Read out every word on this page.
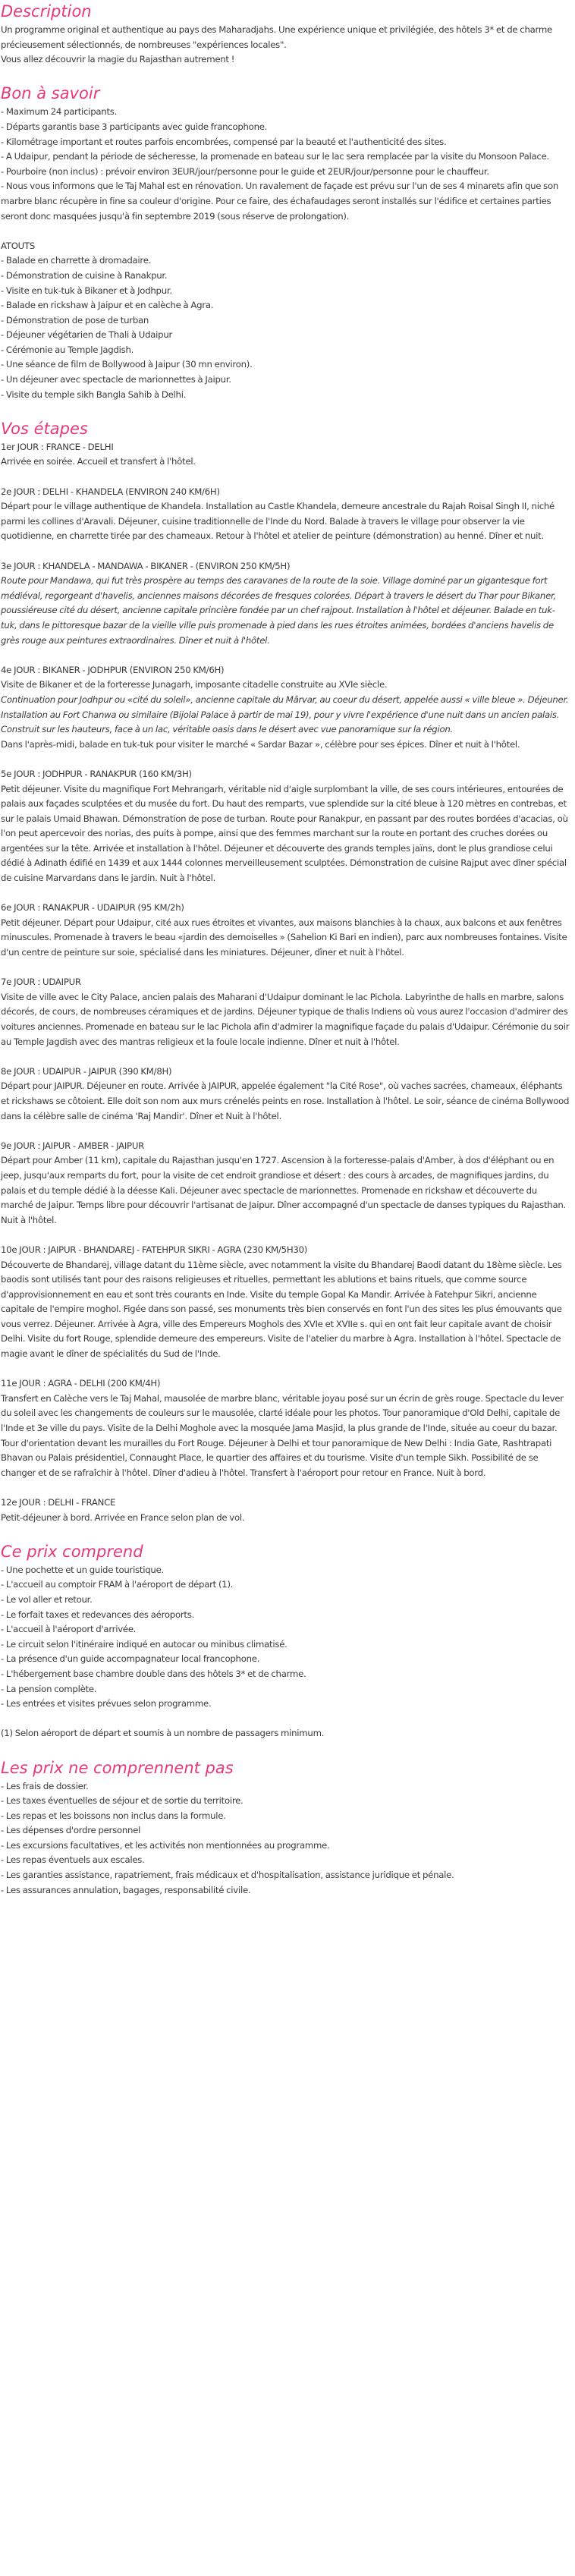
Description
Un programme original et authentique au pays des Maharadjahs. Une expérience unique et privilégiée, des hôtels 3* et de charme précieusement sélectionnés, de nombreuses "expériences locales".
Vous allez découvrir la magie du Rajasthan autrement !
Bon à savoir
- Maximum 24 participants.
- Départs garantis base 3 participants avec guide francophone.
- Kilométrage important et routes parfois encombrées, compensé par la beauté et l'authenticité des sites.
- A Udaipur, pendant la période de sécheresse, la promenade en bateau sur le lac sera remplacée par la visite du Monsoon Palace.
- Pourboire (non inclus) : prévoir environ 3EUR/jour/personne pour le guide et 2EUR/jour/personne pour le chauffeur.
- Nous vous informons que le Taj Mahal est en rénovation. Un ravalement de façade est prévu sur l'un de ses 4 minarets afin que son marbre blanc récupère in fine sa couleur d'origine. Pour ce faire, des échafaudages seront installés sur l'édifice et certaines parties seront donc masquées jusqu'à fin septembre 2019 (sous réserve de prolongation).
ATOUTS
- Balade en charrette à dromadaire.
- Démonstration de cuisine à Ranakpur.
- Visite en tuk-tuk à Bikaner et à Jodhpur.
- Balade en rickshaw à Jaipur et en calèche à Agra.
- Démonstration de pose de turban
- Déjeuner végétarien de Thali à Udaipur
- Cérémonie au Temple Jagdish.
- Une séance de film de Bollywood à Jaipur (30 mn environ).
- Un déjeuner avec spectacle de marionnettes à Jaipur.
- Visite du temple sikh Bangla Sahib à Delhi.
Vos étapes
1er JOUR : FRANCE - DELHI
Arrivée en soirée. Accueil et transfert à l'hôtel.
2e JOUR : DELHI - KHANDELA (ENVIRON 240 KM/6H)
Départ pour le village authentique de Khandela. Installation au Castle Khandela, demeure ancestrale du Rajah Roisal Singh II, niché parmi les collines d'Aravali. Déjeuner, cuisine traditionnelle de l'Inde du Nord. Balade à travers le village pour observer la vie quotidienne, en charrette tirée par des chameaux. Retour à l'hôtel et atelier de peinture (démonstration) au henné. Dîner et nuit.
3e JOUR : KHANDELA - MANDAWA - BIKANER - (ENVIRON 250 KM/5H)
Route pour Mandawa, qui fut très prospère au temps des caravanes de la route de la soie. Village dominé par un gigantesque fort médiéval, regorgeant d'havelis, anciennes maisons décorées de fresques colorées. Départ à travers le désert du Thar pour Bikaner, poussiéreuse cité du désert, ancienne capitale princière fondée par un chef rajpout. Installation à l'hôtel et déjeuner. Balade en tuk-tuk, dans le pittoresque bazar de la vieille ville puis promenade à pied dans les rues étroites animées, bordées d'anciens havelis de grès rouge aux peintures extraordinaires. Dîner et nuit à l'hôtel.
4e JOUR : BIKANER - JODHPUR (ENVIRON 250 KM/6H)
Visite de Bikaner et de la forteresse Junagarh, imposante citadelle construite au XVIe siècle.
Continuation pour Jodhpur ou «cité du soleil», ancienne capitale du Mârvar, au coeur du désert, appelée aussi « ville bleue ». Déjeuner. Installation au Fort Chanwa ou similaire (Bijolai Palace à partir de mai 19), pour y vivre l'expérience d'une nuit dans un ancien palais. Construit sur les hauteurs, face à un lac, véritable oasis dans le désert avec vue panoramique sur la région.
Dans l'après-midi, balade en tuk-tuk pour visiter le marché « Sardar Bazar », célèbre pour ses épices. Dîner et nuit à l'hôtel.
5e JOUR : JODHPUR - RANAKPUR (160 KM/3H)
Petit déjeuner. Visite du magnifique Fort Mehrangarh, véritable nid d'aigle surplombant la ville, de ses cours intérieures, entourées de palais aux façades sculptées et du musée du fort. Du haut des remparts, vue splendide sur la cité bleue à 120 mètres en contrebas, et sur le palais Umaid Bhawan. Démonstration de pose de turban. Route pour Ranakpur, en passant par des routes bordées d'acacias, où l'on peut apercevoir des norias, des puits à pompe, ainsi que des femmes marchant sur la route en portant des cruches dorées ou argentées sur la tête. Arrivée et installation à l'hôtel. Déjeuner et découverte des grands temples jaïns, dont le plus grandiose celui dédié à Adinath édifié en 1439 et aux 1444 colonnes merveilleusement sculptées. Démonstration de cuisine Rajput avec dîner spécial de cuisine Marvardans dans le jardin. Nuit à l'hôtel.
6e JOUR : RANAKPUR - UDAIPUR (95 KM/2h)
Petit déjeuner. Départ pour Udaipur, cité aux rues étroites et vivantes, aux maisons blanchies à la chaux, aux balcons et aux fenêtres minuscules. Promenade à travers le beau «jardin des demoiselles » (Sahelion Ki Bari en indien), parc aux nombreuses fontaines. Visite d'un centre de peinture sur soie, spécialisé dans les miniatures. Déjeuner, dîner et nuit à l'hôtel.
7e JOUR : UDAIPUR
Visite de ville avec le City Palace, ancien palais des Maharani d'Udaipur dominant le lac Pichola. Labyrinthe de halls en marbre, salons décorés, de cours, de nombreuses céramiques et de jardins. Déjeuner typique de thalis Indiens où vous aurez l'occasion d'admirer des voitures anciennes. Promenade en bateau sur le lac Pichola afin d'admirer la magnifique façade du palais d'Udaipur. Cérémonie du soir au Temple Jagdish avec des mantras religieux et la foule locale indienne. Dîner et nuit à l'hôtel.
8e JOUR : UDAIPUR - JAIPUR (390 KM/8H)
Départ pour JAIPUR. Déjeuner en route. Arrivée à JAIPUR, appelée également "la Cité Rose", où vaches sacrées, chameaux, éléphants et rickshaws se côtoient. Elle doit son nom aux murs crénelés peints en rose. Installation à l'hôtel. Le soir, séance de cinéma Bollywood dans la célèbre salle de cinéma 'Raj Mandir'. Dîner et Nuit à l'hôtel.
9e JOUR : JAIPUR - AMBER - JAIPUR
Départ pour Amber (11 km), capitale du Rajasthan jusqu'en 1727. Ascension à la forteresse-palais d'Amber, à dos d'éléphant ou en jeep, jusqu'aux remparts du fort, pour la visite de cet endroit grandiose et désert : des cours à arcades, de magnifiques jardins, du palais et du temple dédié à la déesse Kali. Déjeuner avec spectacle de marionnettes. Promenade en rickshaw et découverte du marché de Jaipur. Temps libre pour découvrir l'artisanat de Jaipur. Dîner accompagné d'un spectacle de danses typiques du Rajasthan. Nuit à l'hôtel.
10e JOUR : JAIPUR - BHANDAREJ - FATEHPUR SIKRI - AGRA (230 KM/5H30)
Découverte de Bhandarej, village datant du 11ème siècle, avec notamment la visite du Bhandarej Baodi datant du 18ème siècle. Les baodis sont utilisés tant pour des raisons religieuses et rituelles, permettant les ablutions et bains rituels, que comme source d'approvisionnement en eau et sont très courants en Inde. Visite du temple Gopal Ka Mandir. Arrivée à Fatehpur Sikri, ancienne capitale de l'empire moghol. Figée dans son passé, ses monuments très bien conservés en font l'un des sites les plus émouvants que vous verrez. Déjeuner. Arrivée à Agra, ville des Empereurs Moghols des XVIe et XVIIe s. qui en ont fait leur capitale avant de choisir Delhi. Visite du fort Rouge, splendide demeure des empereurs. Visite de l'atelier du marbre à Agra. Installation à l'hôtel. Spectacle de magie avant le dîner de spécialités du Sud de l'Inde.
11e JOUR : AGRA - DELHI (200 KM/4H)
Transfert en Calèche vers le Taj Mahal, mausolée de marbre blanc, véritable joyau posé sur un écrin de grès rouge. Spectacle du lever du soleil avec les changements de couleurs sur le mausolée, clarté idéale pour les photos. Tour panoramique d'Old Delhi, capitale de l'Inde et 3e ville du pays. Visite de la Delhi Moghole avec la mosquée Jama Masjid, la plus grande de l'Inde, située au coeur du bazar. Tour d'orientation devant les murailles du Fort Rouge. Déjeuner à Delhi et tour panoramique de New Delhi : India Gate, Rashtrapati Bhavan ou Palais présidentiel, Connaught Place, le quartier des affaires et du tourisme. Visite d'un temple Sikh. Possibilité de se changer et de se rafraîchir à l'hôtel. Dîner d'adieu à l'hôtel. Transfert à l'aéroport pour retour en France. Nuit à bord.
12e JOUR : DELHI - FRANCE
Petit-déjeuner à bord. Arrivée en France selon plan de vol.
Ce prix comprend
- Une pochette et un guide touristique.
- L'accueil au comptoir FRAM à l'aéroport de départ (1).
- Le vol aller et retour.
- Le forfait taxes et redevances des aéroports.
- L'accueil à l'aéroport d'arrivée.
- Le circuit selon l'itinéraire indiqué en autocar ou minibus climatisé.
- La présence d'un guide accompagnateur local francophone.
- L'hébergement base chambre double dans des hôtels 3* et de charme.
- La pension complète.
- Les entrées et visites prévues selon programme.
(1) Selon aéroport de départ et soumis à un nombre de passagers minimum.
Les prix ne comprennent pas
- Les frais de dossier.
- Les taxes éventuelles de séjour et de sortie du territoire.
- Les repas et les boissons non inclus dans la formule.
- Les dépenses d'ordre personnel
- Les excursions facultatives, et les activités non mentionnées au programme.
- Les repas éventuels aux escales.
- Les garanties assistance, rapatriement, frais médicaux et d'hospitalisation, assistance juridique et pénale.
- Les assurances annulation, bagages, responsabilité civile.
